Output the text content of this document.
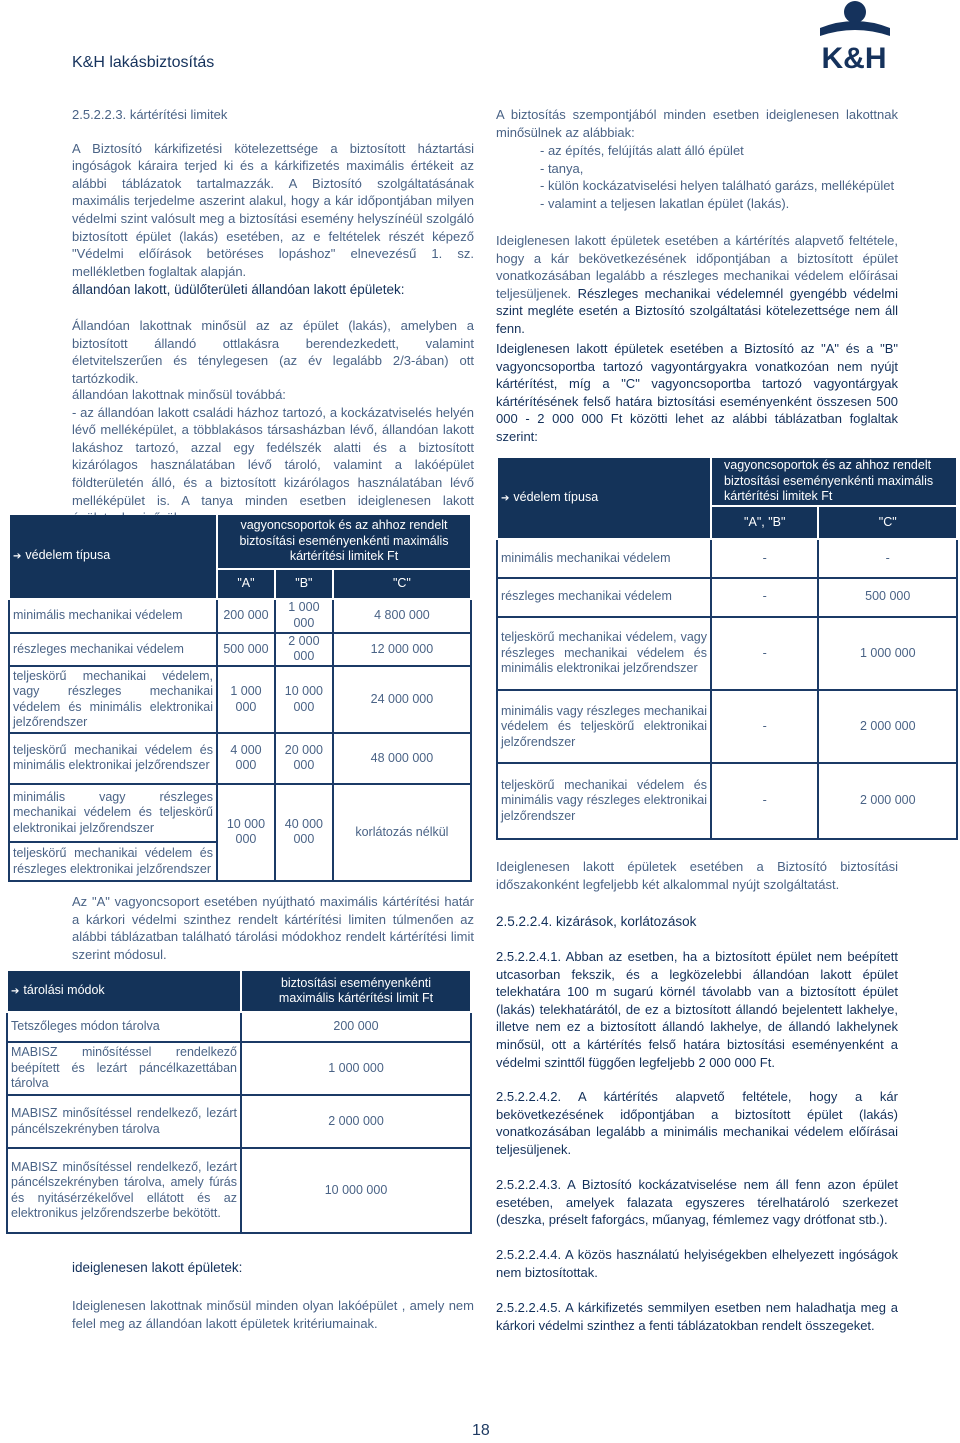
K&H lakásbiztosítás	K&H

2.5.2.2.3. kártérítési limitek

A Biztosító kárkifizetési kötelezettsége a biztosított háztartási ingóságok káraira terjed ki és a kárkifizetés maximális értékeit az alábbi táblázatok tartalmazzák. A Biztosító szolgáltatásának maximális terjedelme aszerint alakul, hogy a kár időpontjában milyen védelmi szint valósult meg a biztosítási esemény helyszínéül szolgáló biztosított épület (lakás) esetében, az e feltételek részét képező "Védelmi előírások betöréses lopáshoz" elnevezésű 1. sz. mellékletben foglaltak alapján.

állandóan lakott, üdülőterületi állandóan lakott épületek:

Állandóan lakottnak minősül az az épület (lakás), amelyben a biztosított állandó ottlakásra berendezkedett, valamint életvitelszerűen és ténylegesen (az év legalább 2/3-ában) ott tartózkodik.

állandóan lakottnak minősül továbbá:
- az állandóan lakott családi házhoz tartozó, a kockázatviselés helyén lévő melléképület, a többlakásos társasházban lévő, állandóan lakott lakáshoz tartozó, azzal egy fedélszék alatti és a biztosított kizárólagos használatában lévő tároló, valamint a lakóépület földterületén álló, és a biztosított kizárólagos használatában lévő melléképület is. A tanya minden esetben ideiglenesen lakott

➔ védelem típusa	vagyoncsoportok és az ahhoz rendelt biztosítási eseményenkénti maximális kártérítési limitek Ft		
	"A"	"B"	"C"
minimális mechanikai védelem	200 000	1 000 000	4 800 000
részleges mechanikai védelem	500 000	2 000 000	12 000 000
teljeskörű mechanikai védelem, vagy részleges mechanikai védelem és minimális elektronikai jelzőrendszer	1 000 000	10 000 000	24 000 000
teljeskörű mechanikai védelem és minimális elektronikai jelzőrendszer	4 000 000	20 000 000	48 000 000
minimális vagy részleges mechanikai védelem és teljeskörű elektronikai jelzőrendszer	10 000 000	40 000 000	korlátozás nélkül
teljeskörű mechanikai védelem és részleges elektronikai jelzőrendszer			

Az "A" vagyoncsoport esetében nyújtható maximális kártérítési határ a kárkori védelmi szinthez rendelt kártérítési limiten túlmenően az alábbi táblázatban található tárolási módokhoz rendelt kártérítési limit szerint módosul.

➔ tárolási módok	biztosítási eseményenkénti maximális kártérítési limit Ft
Tetszőleges módon tárolva	200 000
MABISZ minősítéssel rendelkező beépített és lezárt páncélkazettában tárolva	1 000 000
MABISZ minősítéssel rendelkező, lezárt páncélszekrényben tárolva	2 000 000
MABISZ minősítéssel rendelkező, lezárt páncélszekrényben tárolva, amely fúrás és nyitásérzékelővel ellátott és az elektronikus jelzőrendszerbe bekötött.	10 000 000

ideiglenesen lakott épületek:

Ideiglenesen lakottnak minősül minden olyan lakóépület , amely nem felel meg az állandóan lakott épületek kritériumainak.

A biztosítás szempontjából minden esetben ideiglenesen lakottnak minősülnek az alábbiak:

- az építés, felújítás alatt álló épület
- tanya,
- külön kockázatviselési helyen található garázs, melléképület
- valamint a teljesen lakatlan épület (lakás).

Ideiglenesen lakott épületek esetében a kártérítés alapvető feltétele, hogy a kár bekövetkezésének időpontjában a biztosított épület vonatkozásában legalább a részleges mechanikai védelem előírásai teljesüljenek. Részleges mechanikai védelemnél gyengébb védelmi szint megléte esetén a Biztosító szolgáltatási kötelezettsége nem áll fenn.

Ideiglenesen lakott épületek esetében a Biztosító az "A" és a "B" vagyoncsoportba tartozó vagyontárgyakra vonatkozóan nem nyújt kártérítést, míg a "C" vagyoncsoportba tartozó vagyontárgyak kártérítésének felső határa biztosítási eseményenként összesen 500 000 - 2 000 000 Ft közötti lehet az alábbi táblázatban foglaltak szerint:

➔ védelem típusa	vagyoncsoportok és az ahhoz rendelt biztosítási eseményenkénti maximális kártérítési limitek Ft	
	"A", "B"	"C"
minimális mechanikai védelem	-	-
részleges mechanikai védelem	-	500 000
teljeskörű mechanikai védelem, vagy részleges mechanikai védelem és minimális elektronikai jelzőrendszer	-	1 000 000
minimális vagy részleges mechanikai védelem és teljeskörű elektronikai jelzőrendszer	-	2 000 000
teljeskörű mechanikai védelem és minimális vagy részleges elektronikai jelzőrendszer	-	2 000 000

Ideiglenesen lakott épületek esetében a Biztosító biztosítási időszakonként legfeljebb két alkalommal nyújt szolgáltatást.

2.5.2.2.4. kizárások, korlátozások

2.5.2.2.4.1. Abban az esetben, ha a biztosított épület nem beépített utcasorban fekszik, és a legközelebbi állandóan lakott épület telekhatára 100 m sugarú körnél távolabb van a biztosított épület (lakás) telekhatárától, de ez a biztosított állandó bejelentett lakhelye, illetve nem ez a biztosított állandó lakhelye, de állandó lakhelynek minősül, ott a kártérítés felső határa biztosítási eseményenként a védelmi szinttől függően legfeljebb 2 000 000 Ft.

2.5.2.2.4.2. A kártérítés alapvető feltétele, hogy a kár bekövetkezésének időpontjában a biztosított épület (lakás) vonatkozásában legalább a minimális mechanikai védelem előírásai teljesüljenek.

2.5.2.2.4.3. A Biztosító kockázatviselése nem áll fenn azon épület esetében, amelyek falazata egyszeres térelhatároló szerkezet (deszka, préselt faforgács, műanyag, fémlemez vagy drótfonat stb.).

2.5.2.2.4.4. A közös használatú helyiségekben elhelyezett ingóságok nem biztosítottak.

2.5.2.2.4.5. A kárkifizetés semmilyen esetben nem haladhatja meg a kárkori védelmi szinthez a fenti táblázatokban rendelt összegeket.

18
